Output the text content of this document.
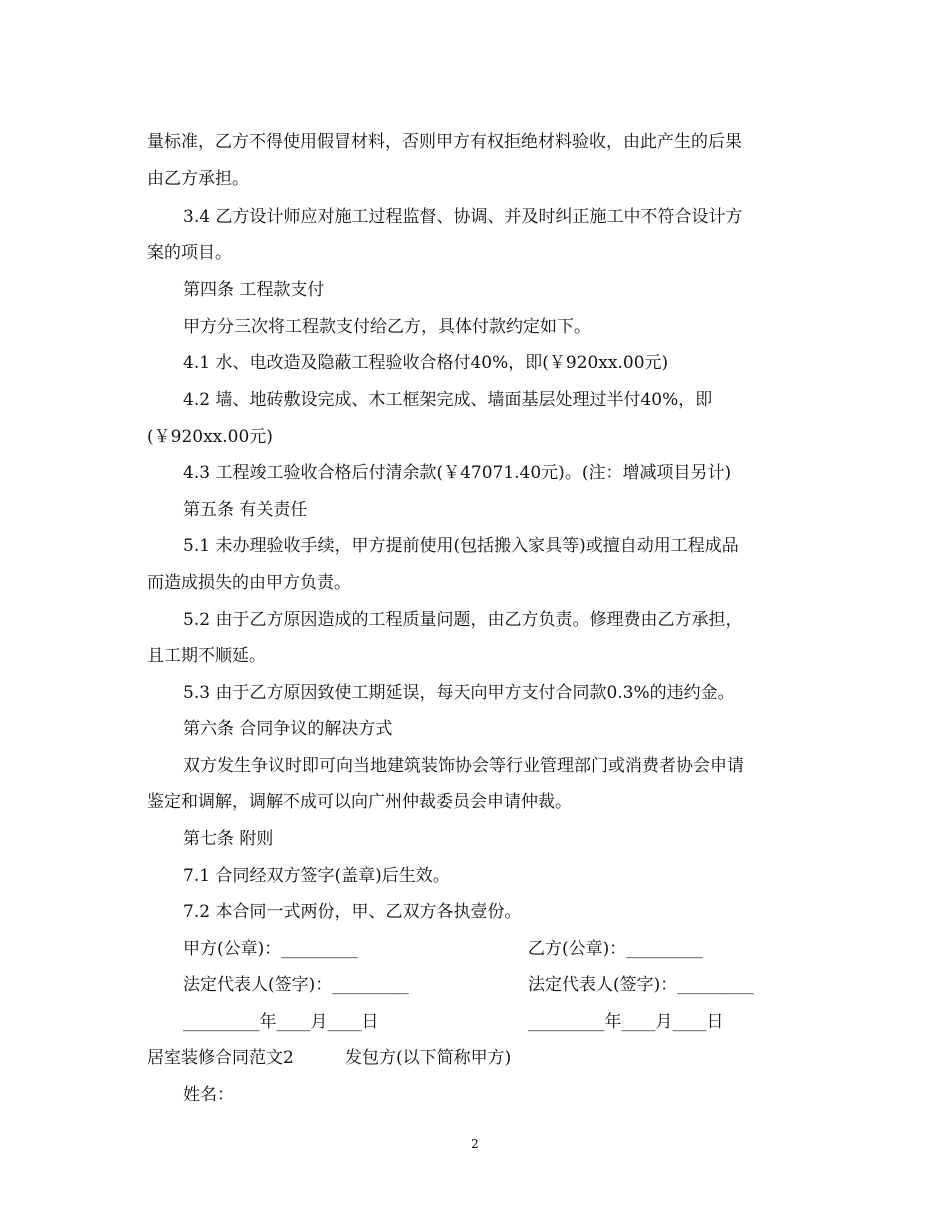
量标准，乙方不得使用假冒材料，否则甲方有权拒绝材料验收，由此产生的后果
由乙方承担。
3.4 乙方设计师应对施工过程监督、协调、并及时纠正施工中不符合设计方
案的项目。
第四条 工程款支付
甲方分三次将工程款支付给乙方，具体付款约定如下。
4.1 水、电改造及隐蔽工程验收合格付40%，即(￥920xx.00元)
4.2 墙、地砖敷设完成、木工框架完成、墙面基层处理过半付40%，即
(￥920xx.00元)
4.3 工程竣工验收合格后付清余款(￥47071.40元)。(注：增减项目另计)
第五条 有关责任
5.1 未办理验收手续，甲方提前使用(包括搬入家具等)或擅自动用工程成品
而造成损失的由甲方负责。
5.2 由于乙方原因造成的工程质量问题，由乙方负责。修理费由乙方承担，
且工期不顺延。
5.3 由于乙方原因致使工期延误，每天向甲方支付合同款0.3%的违约金。
第六条 合同争议的解决方式
双方发生争议时即可向当地建筑装饰协会等行业管理部门或消费者协会申请
鉴定和调解，调解不成可以向广州仲裁委员会申请仲裁。
第七条 附则
7.1 合同经双方签字(盖章)后生效。
7.2 本合同一式两份，甲、乙双方各执壹份。
甲方(公章)：_________	乙方(公章)：_________
法定代表人(签字)：_________	法定代表人(签字)：_________
_________年____月____日	_________年____月____日
居室装修合同范文2	发包方(以下简称甲方)
姓名：
2
